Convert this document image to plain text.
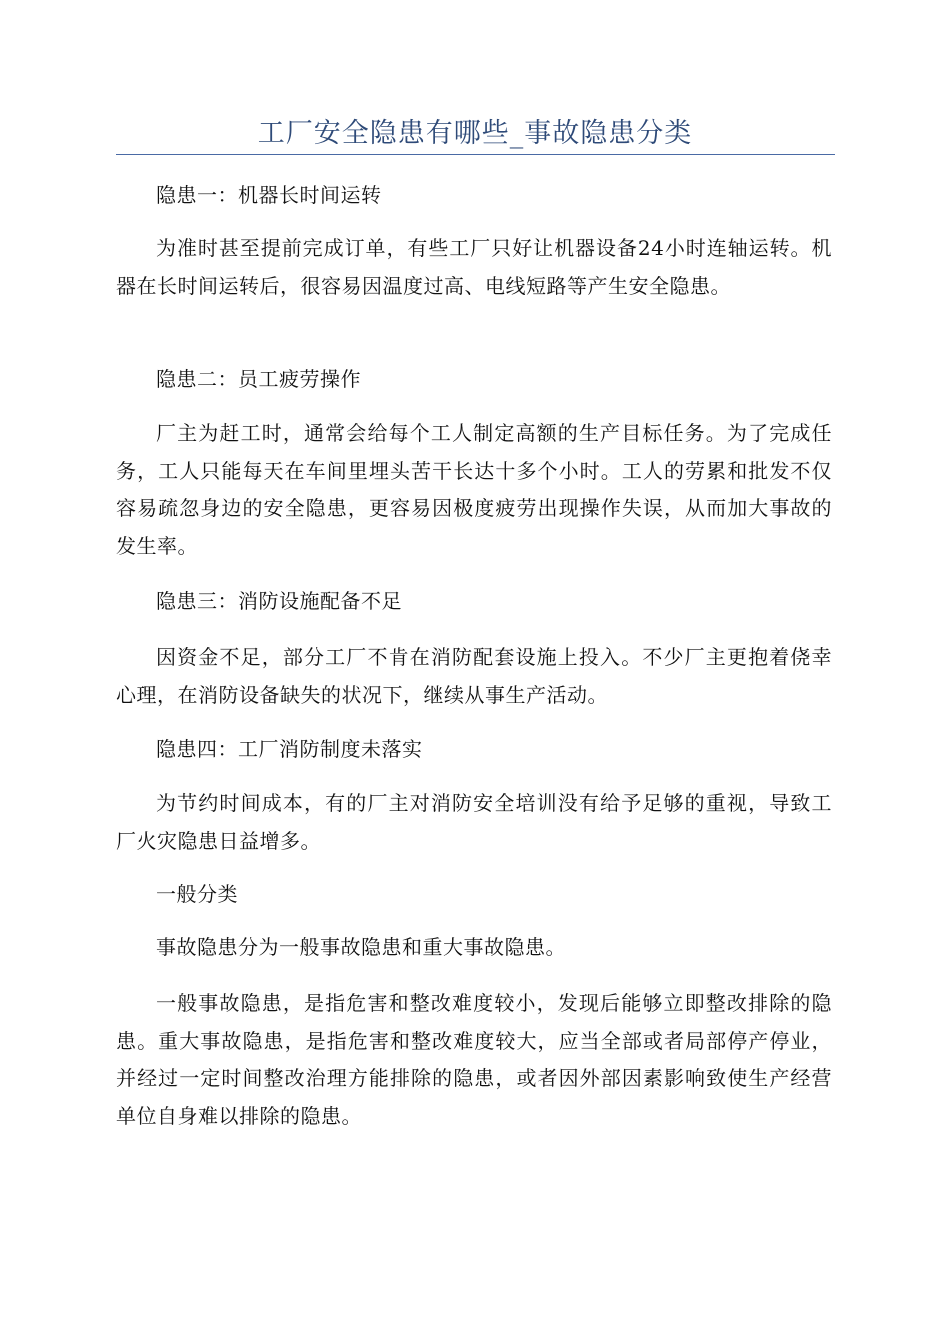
工厂安全隐患有哪些_事故隐患分类

隐患一：机器长时间运转

为准时甚至提前完成订单，有些工厂只好让机器设备24小时连轴运转。机器在长时间运转后，很容易因温度过高、电线短路等产生安全隐患。

隐患二：员工疲劳操作

厂主为赶工时，通常会给每个工人制定高额的生产目标任务。为了完成任务，工人只能每天在车间里埋头苦干长达十多个小时。工人的劳累和批发不仅容易疏忽身边的安全隐患，更容易因极度疲劳出现操作失误，从而加大事故的发生率。

隐患三：消防设施配备不足

因资金不足，部分工厂不肯在消防配套设施上投入。不少厂主更抱着侥幸心理，在消防设备缺失的状况下，继续从事生产活动。

隐患四：工厂消防制度未落实

为节约时间成本，有的厂主对消防安全培训没有给予足够的重视，导致工厂火灾隐患日益增多。

一般分类

事故隐患分为一般事故隐患和重大事故隐患。

一般事故隐患，是指危害和整改难度较小，发现后能够立即整改排除的隐患。重大事故隐患，是指危害和整改难度较大，应当全部或者局部停产停业，并经过一定时间整改治理方能排除的隐患，或者因外部因素影响致使生产经营单位自身难以排除的隐患。
